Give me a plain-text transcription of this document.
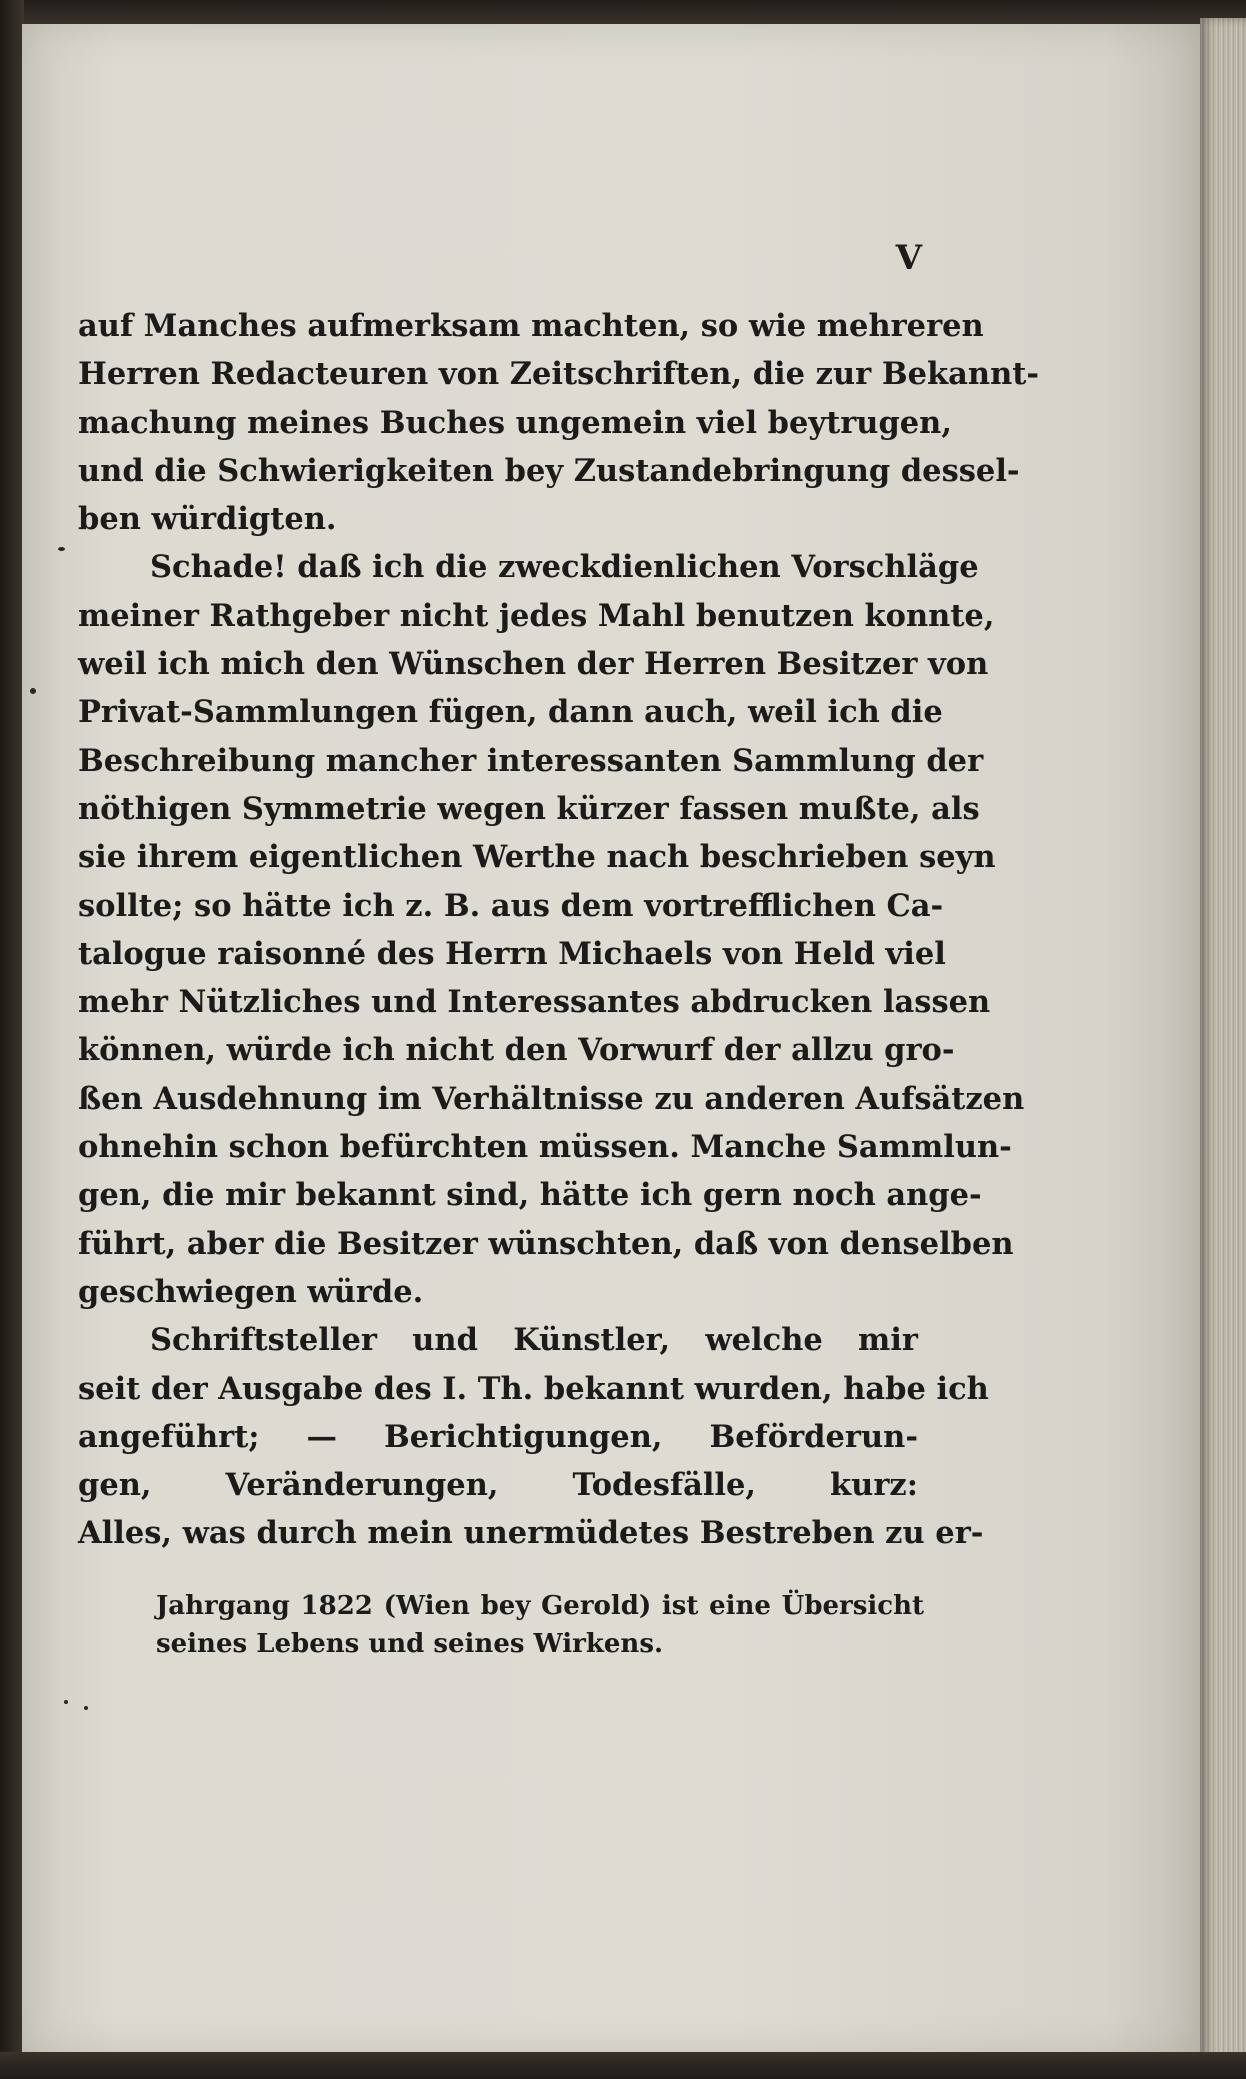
V
auf Manches aufmerksam machten, so wie mehreren
Herren Redacteuren von Zeitschriften, die zur Bekannt-
machung meines Buches ungemein viel beytrugen,
und die Schwierigkeiten bey Zustandebringung dessel-
ben würdigten.
Schade! daß ich die zweckdienlichen Vorschläge
meiner Rathgeber nicht jedes Mahl benutzen konnte,
weil ich mich den Wünschen der Herren Besitzer von
Privat-Sammlungen fügen, dann auch, weil ich die
Beschreibung mancher interessanten Sammlung der
nöthigen Symmetrie wegen kürzer fassen mußte, als
sie ihrem eigentlichen Werthe nach beschrieben seyn
sollte; so hätte ich z. B. aus dem vortrefflichen Ca-
talogue raisonné des Herrn Michaels von Held viel
mehr Nützliches und Interessantes abdrucken lassen
können, würde ich nicht den Vorwurf der allzu gro-
ßen Ausdehnung im Verhältnisse zu anderen Aufsätzen
ohnehin schon befürchten müssen. Manche Sammlun-
gen, die mir bekannt sind, hätte ich gern noch ange-
führt, aber die Besitzer wünschten, daß von denselben
geschwiegen würde.
Schriftsteller und Künstler, welche mir
seit der Ausgabe des I. Th. bekannt wurden, habe ich
angeführt; — Berichtigungen, Beförderun-
gen, Veränderungen, Todesfälle, kurz:
Alles, was durch mein unermüdetes Bestreben zu er-
Jahrgang 1822 (Wien bey Gerold) ist eine Übersicht
seines Lebens und seines Wirkens.
